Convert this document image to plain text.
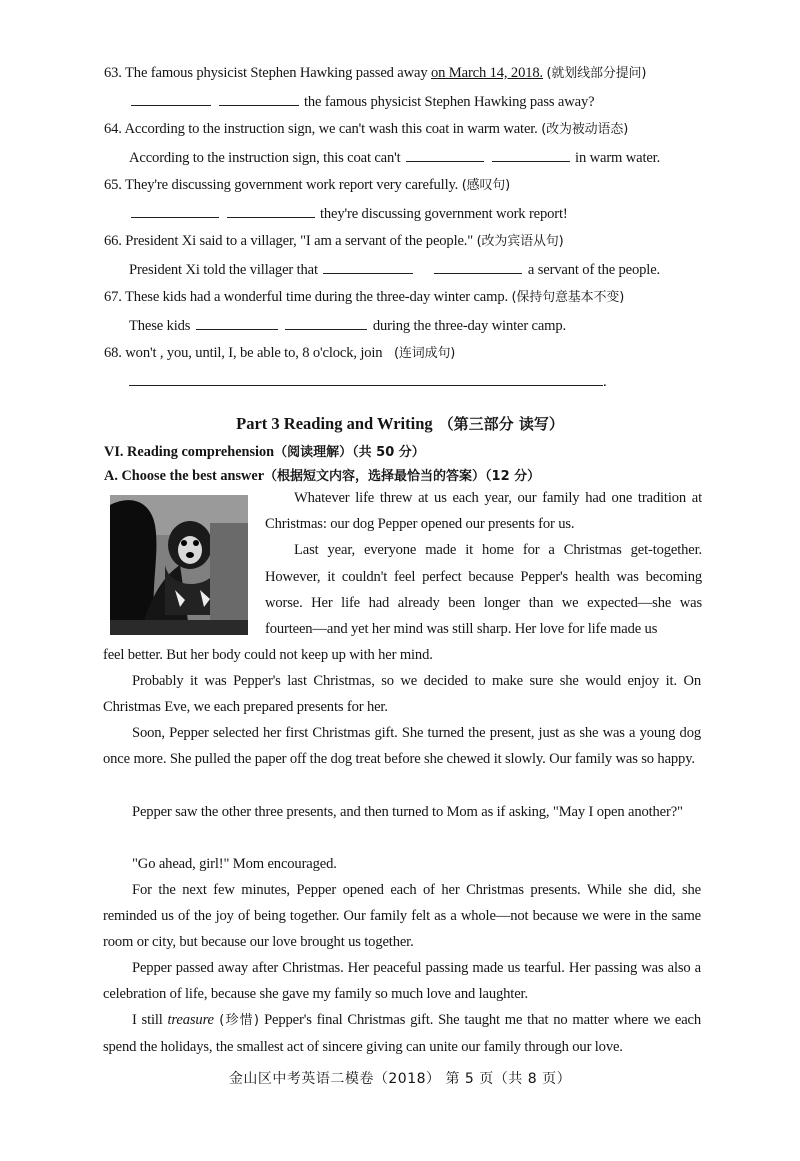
63. The famous physicist Stephen Hawking passed away on March 14, 2018. (就划线部分提问)
the famous physicist Stephen Hawking pass away?
64. According to the instruction sign, we can't wash this coat in warm water. (改为被动语态)
According to the instruction sign, this coat can't	in warm water.
65. They're discussing government work report very carefully. (感叹句)
they're discussing government work report!
66. President Xi said to a villager, "I am a servant of the people." (改为宾语从句)
President Xi told the villager that	a servant of the people.
67. These kids had a wonderful time during the three-day winter camp. (保持句意基本不变)
These kids	during the three-day winter camp.
68. won't , you, until, I, be able to, 8 o'clock, join (连词成句)
.
Part 3 Reading and Writing （第三部分 读写）
VI. Reading comprehension（阅读理解）（共 50 分）
A. Choose the best answer（根据短文内容，选择最恰当的答案）（12 分）
Whatever life threw at us each year, our family had one tradition at Christmas: our dog Pepper opened our presents for us.
Last year, everyone made it home for a Christmas get-together. However, it couldn't feel perfect because Pepper's health was becoming worse. Her life had already been longer than we expected—she was fourteen—and yet her mind was still sharp. Her love for life made us
feel better. But her body could not keep up with her mind.
Probably it was Pepper's last Christmas, so we decided to make sure she would enjoy it. On Christmas Eve, we each prepared presents for her.
Soon, Pepper selected her first Christmas gift. She turned the present, just as she was a young dog once more. She pulled the paper off the dog treat before she chewed it slowly. Our family was so happy.
Pepper saw the other three presents, and then turned to Mom as if asking, "May I open another?"
"Go ahead, girl!" Mom encouraged.
For the next few minutes, Pepper opened each of her Christmas presents. While she did, she reminded us of the joy of being together. Our family felt as a whole—not because we were in the same room or city, but because our love brought us together.
Pepper passed away after Christmas. Her peaceful passing made us tearful. Her passing was also a celebration of life, because she gave my family so much love and laughter.
I still treasure (珍惜) Pepper's final Christmas gift. She taught me that no matter where we each spend the holidays, the smallest act of sincere giving can unite our family through our love.
金山区中考英语二模卷（2018） 第 5 页（共 8 页）
